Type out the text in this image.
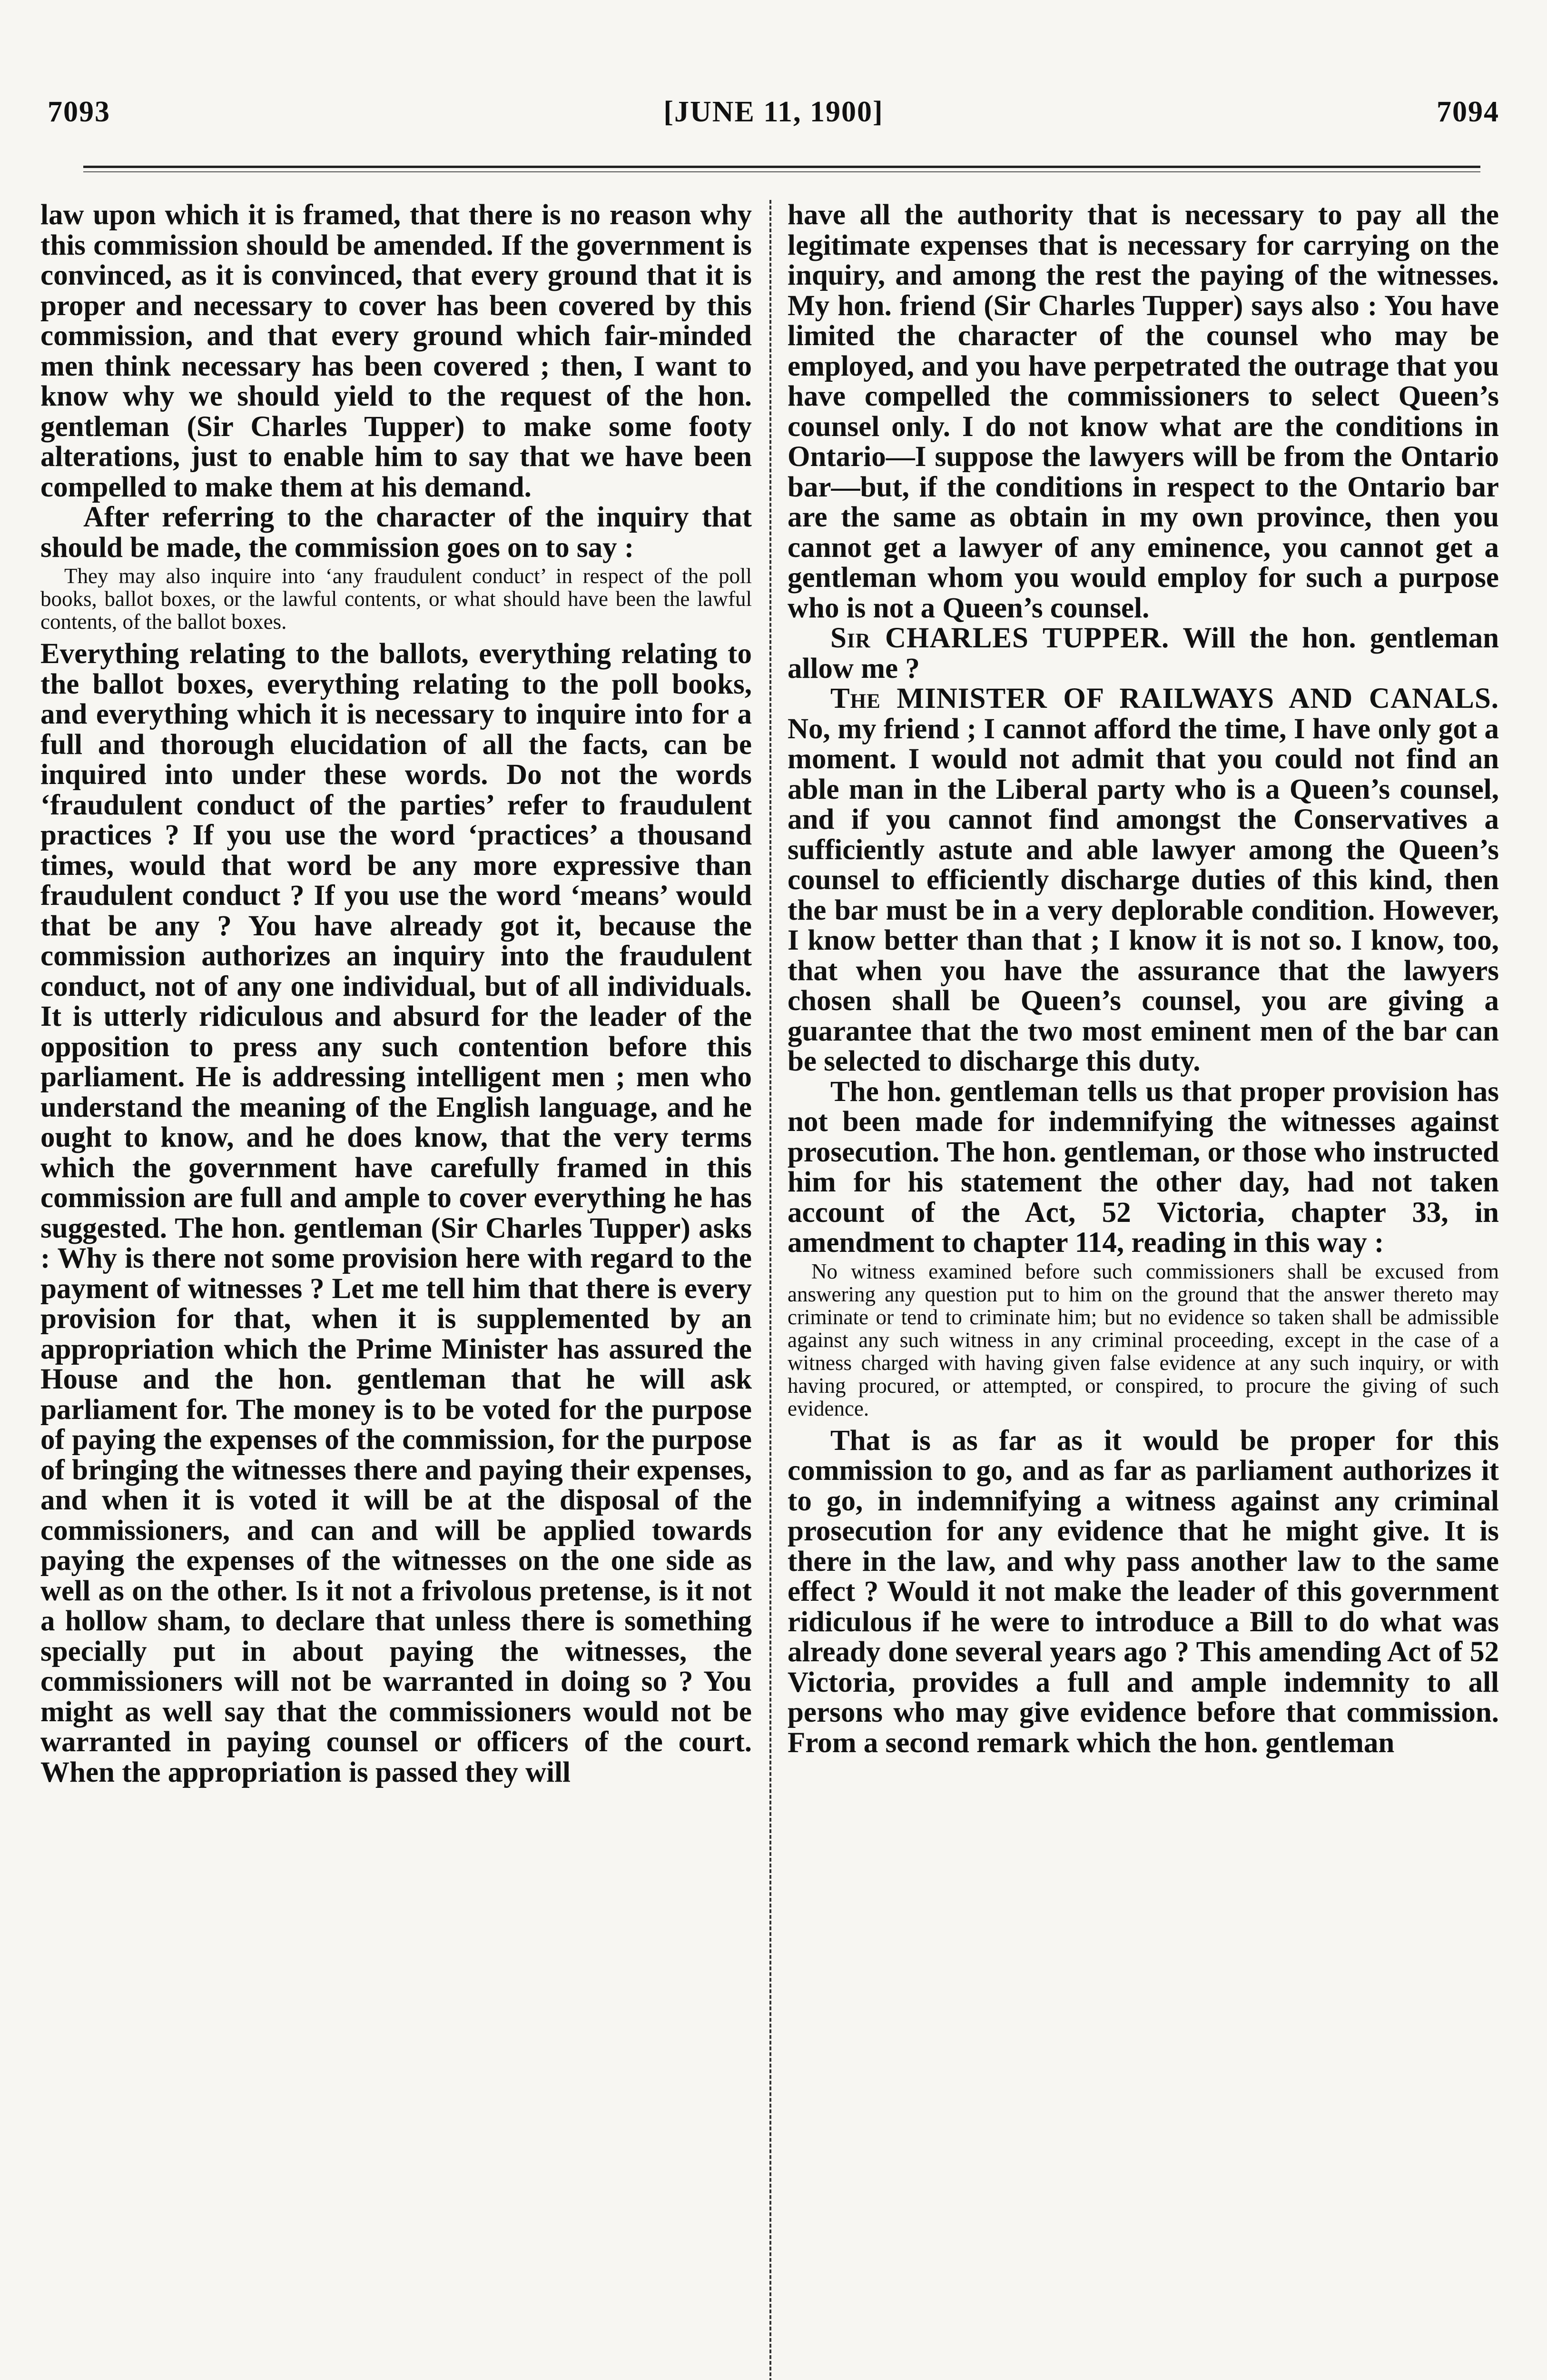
7093	[JUNE 11, 1900]	7094

law upon which it is framed, that there is no reason why this commission should be amended. If the government is convinced, as it is convinced, that every ground that it is proper and necessary to cover has been covered by this commission, and that every ground which fair-minded men think necessary has been covered ; then, I want to know why we should yield to the request of the hon. gentleman (Sir Charles Tupper) to make some footy alterations, just to enable him to say that we have been compelled to make them at his demand.

After referring to the character of the inquiry that should be made, the commission goes on to say :

They may also inquire into ‘any fraudulent conduct’ in respect of the poll books, ballot boxes, or the lawful contents, or what should have been the lawful contents, of the ballot boxes.

Everything relating to the ballots, everything relating to the ballot boxes, everything relating to the poll books, and everything which it is necessary to inquire into for a full and thorough elucidation of all the facts, can be inquired into under these words. Do not the words ‘fraudulent conduct of the parties’ refer to fraudulent practices ? If you use the word ‘practices’ a thousand times, would that word be any more expressive than fraudulent conduct ? If you use the word ‘means’ would that be any ? You have already got it, because the commission authorizes an inquiry into the fraudulent conduct, not of any one individual, but of all individuals. It is utterly ridiculous and absurd for the leader of the opposition to press any such contention before this parliament. He is addressing intelligent men ; men who understand the meaning of the English language, and he ought to know, and he does know, that the very terms which the government have carefully framed in this commission are full and ample to cover everything he has suggested. The hon. gentleman (Sir Charles Tupper) asks : Why is there not some provision here with regard to the payment of witnesses ? Let me tell him that there is every provision for that, when it is supplemented by an appropriation which the Prime Minister has assured the House and the hon. gentleman that he will ask parliament for. The money is to be voted for the purpose of paying the expenses of the commission, for the purpose of bringing the witnesses there and paying their expenses, and when it is voted it will be at the disposal of the commissioners, and can and will be applied towards paying the expenses of the witnesses on the one side as well as on the other. Is it not a frivolous pretense, is it not a hollow sham, to declare that unless there is something specially put in about paying the witnesses, the commissioners will not be warranted in doing so ? You might as well say that the commissioners would not be warranted in paying counsel or officers of the court. When the appropriation is passed they will

have all the authority that is necessary to pay all the legitimate expenses that is necessary for carrying on the inquiry, and among the rest the paying of the witnesses. My hon. friend (Sir Charles Tupper) says also : You have limited the character of the counsel who may be employed, and you have perpetrated the outrage that you have compelled the commissioners to select Queen’s counsel only. I do not know what are the conditions in Ontario—I suppose the lawyers will be from the Ontario bar—but, if the conditions in respect to the Ontario bar are the same as obtain in my own province, then you cannot get a lawyer of any eminence, you cannot get a gentleman whom you would employ for such a purpose who is not a Queen’s counsel.

Sir CHARLES TUPPER. Will the hon. gentleman allow me ?

The MINISTER OF RAILWAYS AND CANALS. No, my friend ; I cannot afford the time, I have only got a moment. I would not admit that you could not find an able man in the Liberal party who is a Queen’s counsel, and if you cannot find amongst the Conservatives a sufficiently astute and able lawyer among the Queen’s counsel to efficiently discharge duties of this kind, then the bar must be in a very deplorable condition. However, I know better than that ; I know it is not so. I know, too, that when you have the assurance that the lawyers chosen shall be Queen’s counsel, you are giving a guarantee that the two most eminent men of the bar can be selected to discharge this duty.

The hon. gentleman tells us that proper provision has not been made for indemnifying the witnesses against prosecution. The hon. gentleman, or those who instructed him for his statement the other day, had not taken account of the Act, 52 Victoria, chapter 33, in amendment to chapter 114, reading in this way :

No witness examined before such commissioners shall be excused from answering any question put to him on the ground that the answer thereto may criminate or tend to criminate him; but no evidence so taken shall be admissible against any such witness in any criminal proceeding, except in the case of a witness charged with having given false evidence at any such inquiry, or with having procured, or attempted, or conspired, to procure the giving of such evidence.

That is as far as it would be proper for this commission to go, and as far as parliament authorizes it to go, in indemnifying a witness against any criminal prosecution for any evidence that he might give. It is there in the law, and why pass another law to the same effect ? Would it not make the leader of this government ridiculous if he were to introduce a Bill to do what was already done several years ago ? This amending Act of 52 Victoria, provides a full and ample indemnity to all persons who may give evidence before that commission. From a second remark which the hon. gentleman
